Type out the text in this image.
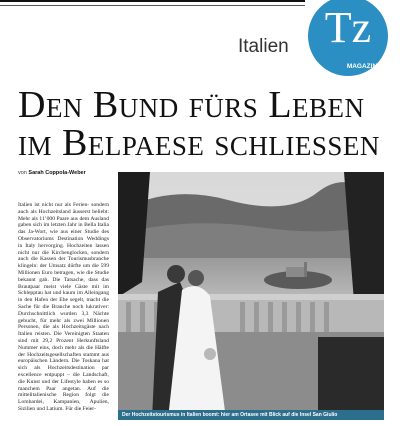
Italien Tz
MAGAZIN
Den Bund fürs Leben
im Belpaese schliessen
von Sarah Coppola-Weber
Italien ist nicht nur als Ferien- sondern auch als Hochzeitsland äusserst beliebt: Mehr als 11’000 Paare aus dem Ausland gaben sich im letzten Jahr in Bella Italia das Ja-Wort, wie aus einer Studie des Observatoriums Destination Weddings in Italy hervorging. Hochzeiten lassen nicht nur die Kirchenglocken, sondern auch die Kassen der Tourismusbranche klingeln: der Umsatz dürfte um die 599 Millionen Euro betragen, wie die Studie bekannt gab. Die Tatsache, dass das Brautpaar meist viele Gäste mit im Schlepptau hat und kaum im Alleingang in den Hafen der Ehe segelt, macht die Sache für die Branche noch lukrativer: Durchschnittlich wurden 3,3 Nächte gebucht, für mehr als zwei Millionen Personen, die als Hochzeitsgäste nach Italien reisten. Die Vereinigten Staaten sind mit 29,2 Prozent Herkunftsland Nummer eins, doch mehr als die Hälfte der Hochzeitsgesellschaften stammt aus europäischen Ländern. Die Toskana hat sich als Hochzeitsdestination par excellence entpuppt – die Landschaft, die Kunst und der Lifestyle haben es so manchem Paar angetan. Auf die mittelitalienische Region folgt die Lombardei, Kampanien, Apulien, Sizilien und Latium. Für die Feier-
Der Hochzeitstourismus in Italien boomt: hier am Ortasee mit Blick auf die Insel San Giulio
